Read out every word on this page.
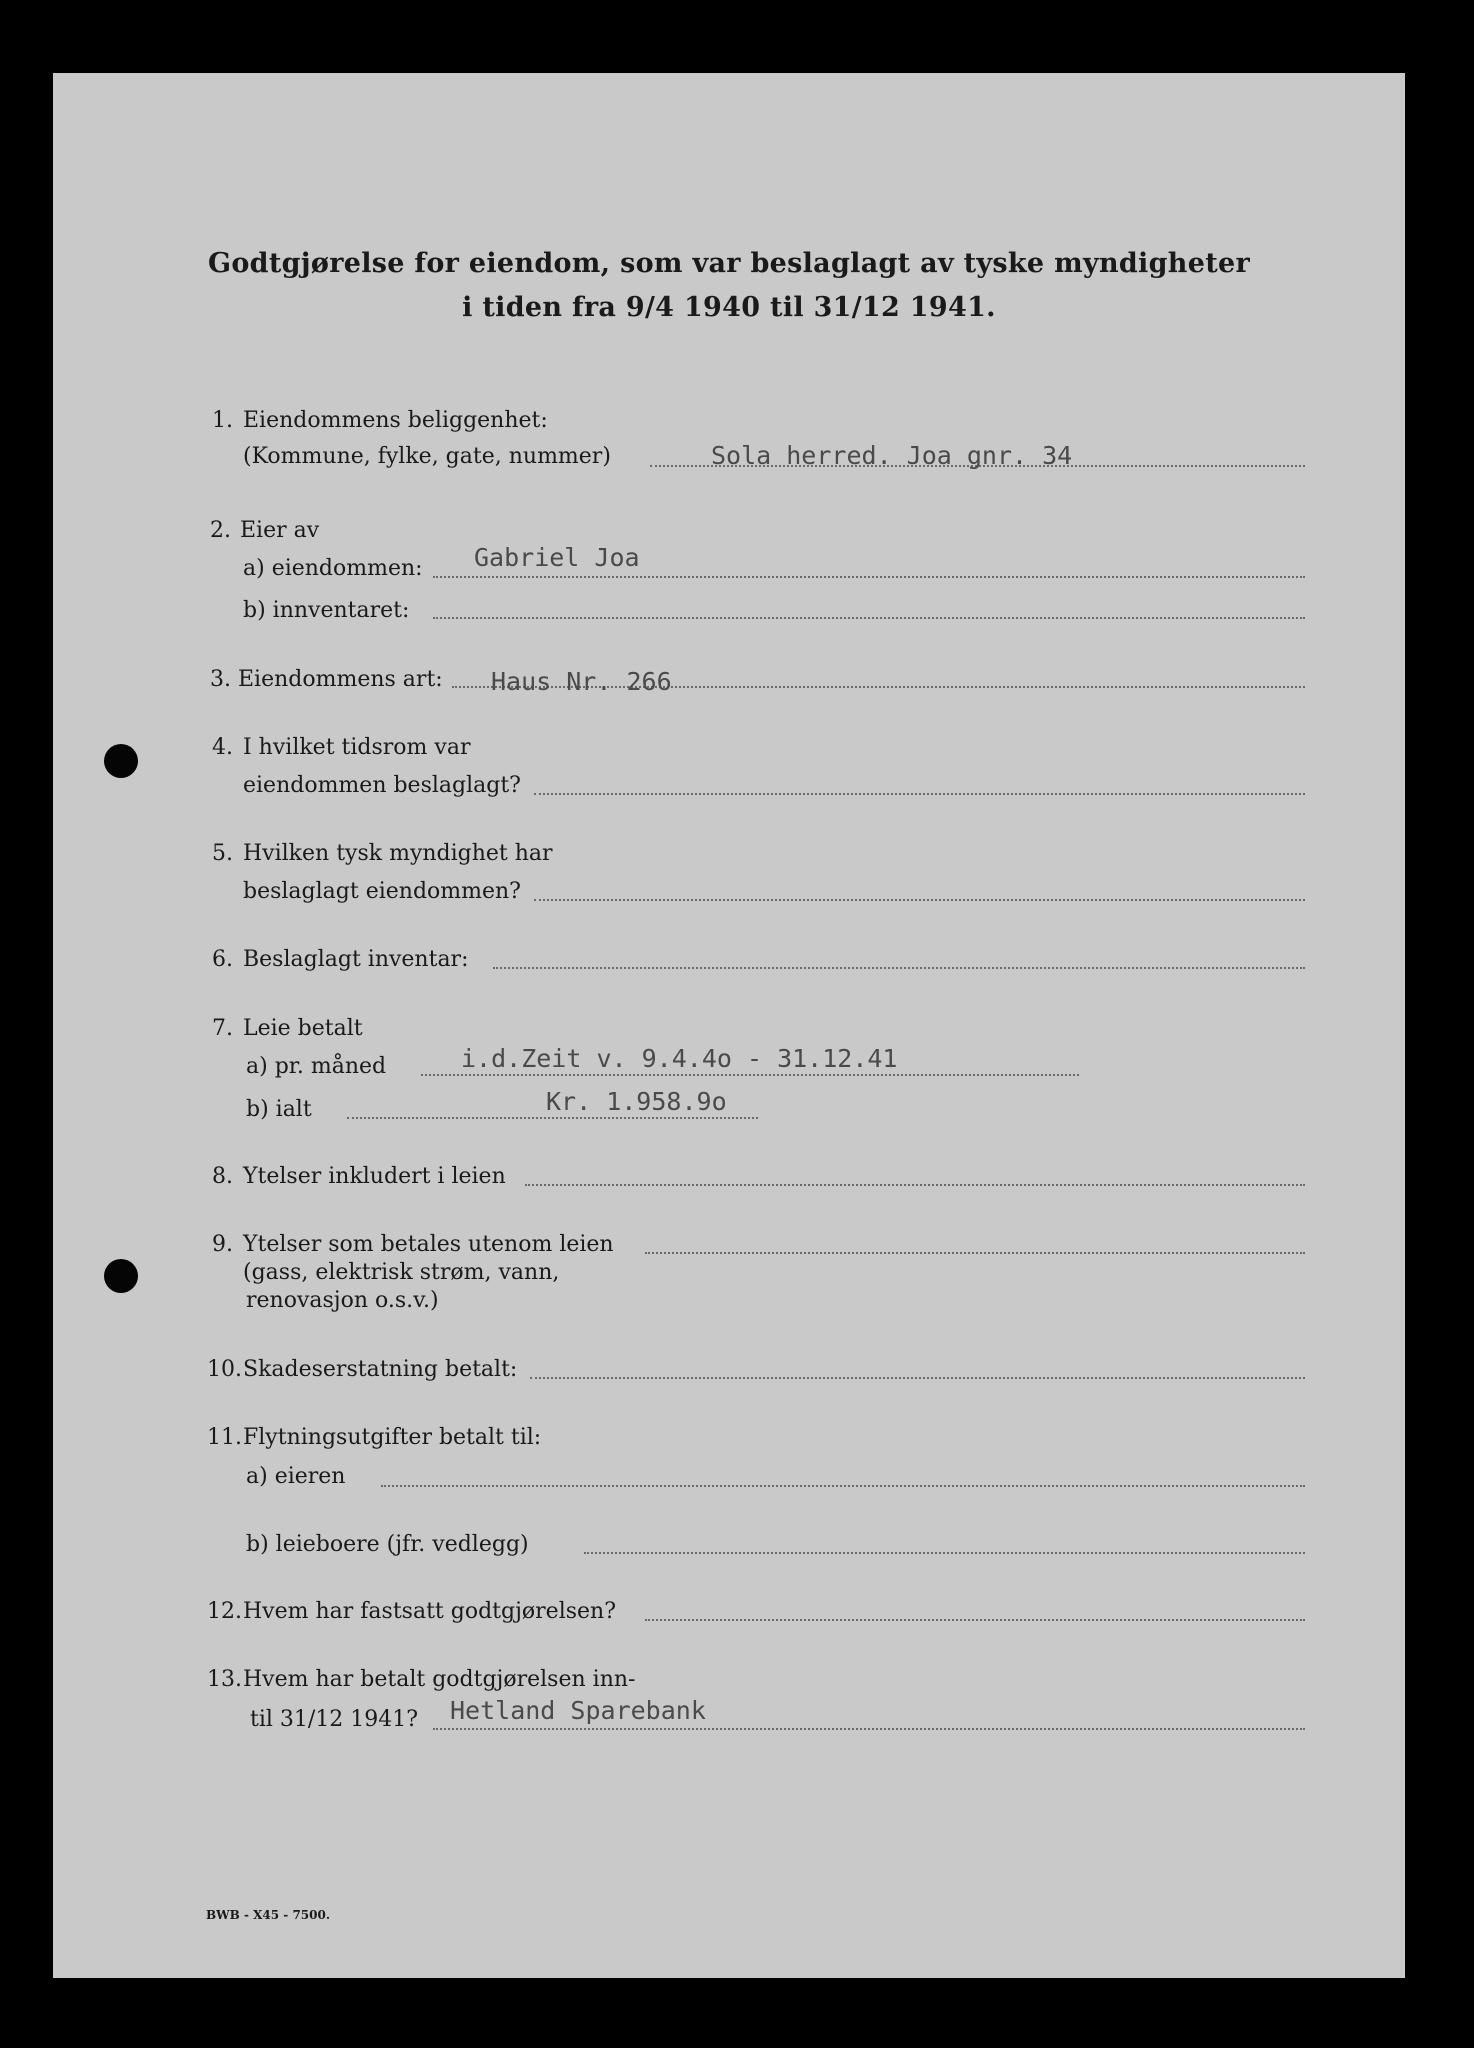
Godtgjørelse for eiendom, som var beslaglagt av tyske myndigheter
i tiden fra 9/4 1940 til 31/12 1941.
1. Eiendommens beliggenhet:
(Kommune, fylke, gate, nummer)	Sola herred. Joa gnr. 34
2. Eier av
a) eiendommen: Gabriel Joa
b) innventaret:
3. Eiendommens art: Haus Nr. 266
4. I hvilket tidsrom var
eiendommen beslaglagt?
5. Hvilken tysk myndighet har
beslaglagt eiendommen?
6. Beslaglagt inventar:
7. Leie betalt
a) pr. måned	i.d.Zeit v. 9.4.4o - 31.12.41
b) ialt	Kr. 1.958.9o
8. Ytelser inkludert i leien
9. Ytelser som betales utenom leien
(gass, elektrisk strøm, vann,
renovasjon o.s.v.)
10. Skadeserstatning betalt:
11. Flytningsutgifter betalt til:
a) eieren
b) leieboere (jfr. vedlegg)
12. Hvem har fastsatt godtgjørelsen?
13. Hvem har betalt godtgjørelsen inn-
til 31/12 1941? Hetland Sparebank
BWB - X45 - 7500.
